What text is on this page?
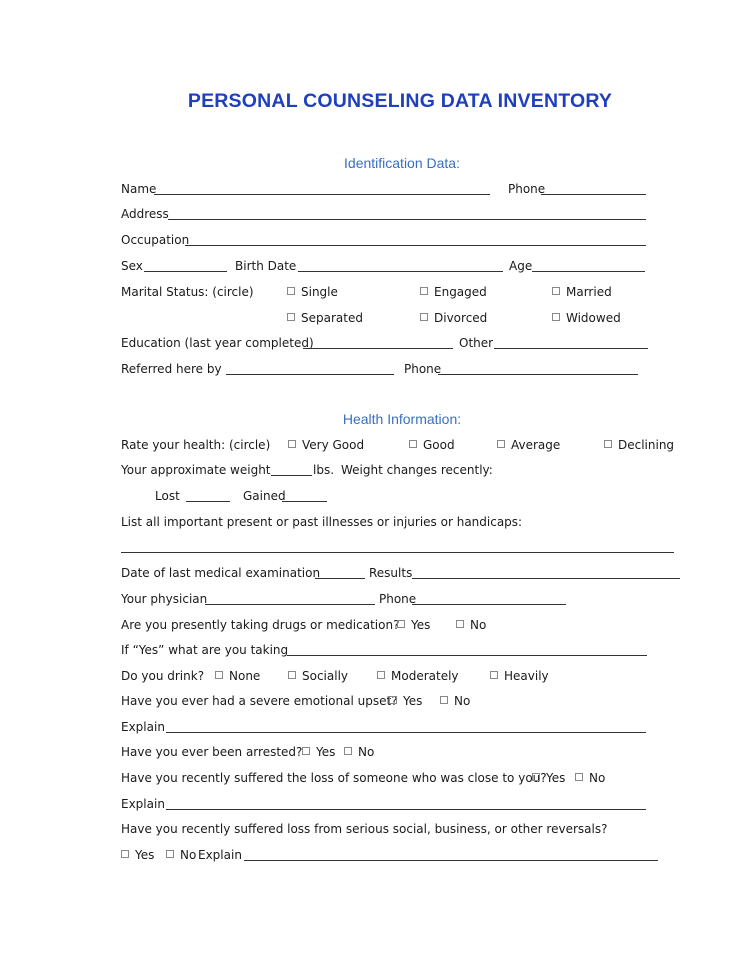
PERSONAL COUNSELING DATA INVENTORY
Identification Data:
Name	Phone
Address
Occupation
Sex	Birth Date	Age
Marital Status: (circle)	Single	Engaged	Married
Separated	Divorced	Widowed
Education (last year completed)	Other
Referred here by	Phone
Health Information:
Rate your health: (circle)	Very Good	Good	Average	Declining
Your approximate weight	lbs. Weight changes recently:
Lost	Gained
List all important present or past illnesses or injuries or handicaps:
Date of last medical examination	Results
Your physician	Phone
Are you presently taking drugs or medication? Yes	No
If “Yes” what are you taking
Do you drink?	None	Socially	Moderately	Heavily
Have you ever had a severe emotional upset? Yes	No
Explain
Have you ever been arrested?	Yes	No
Have you recently suffered the loss of someone who was close to you? Yes	No
Explain
Have you recently suffered loss from serious social, business, or other reversals?
Yes	No Explain
